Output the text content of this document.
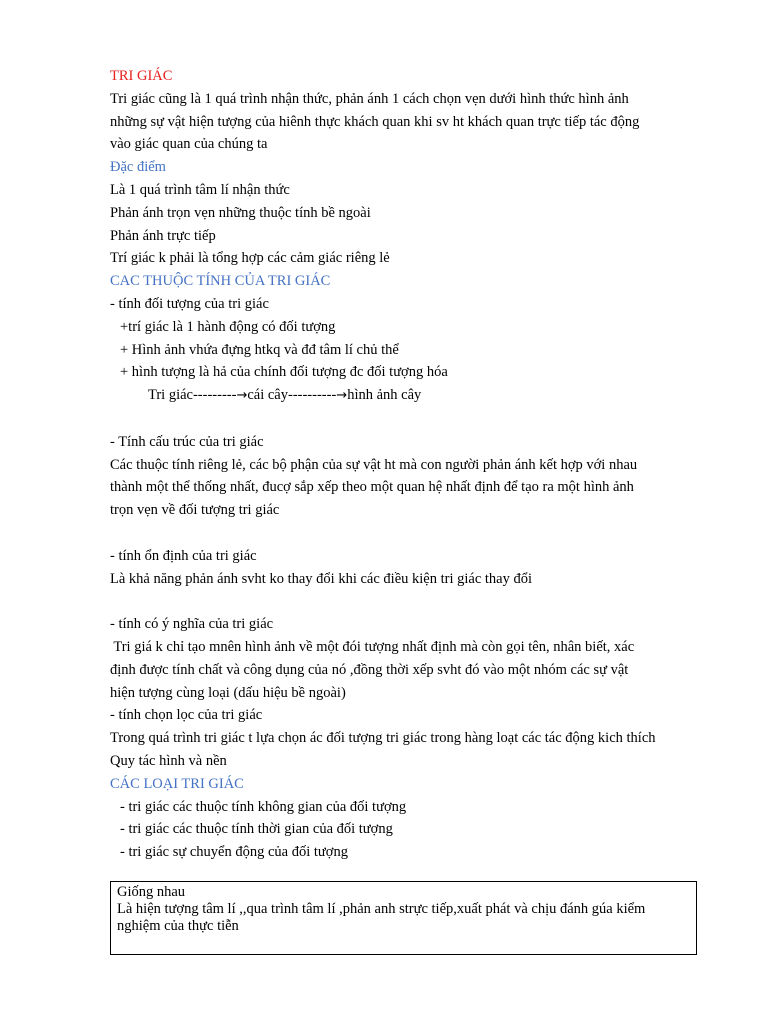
TRI GIÁC
Tri giác cũng là 1 quá trình nhận thức, phản ánh 1 cách chọn vẹn dưới hình thức hình ảnh
những sự vật hiện tượng của hiênh thực khách quan khi sv ht khách quan trực tiếp tác động
vào giác quan của chúng ta
Đặc điểm
Là 1 quá trình tâm lí nhận thức
Phản ánh trọn vẹn những thuộc tính bề ngoài
Phản ánh trực tiếp
Trí giác k phải là tổng hợp các cảm giác riêng lẻ
CAC THUỘC TÍNH CỦA TRI GIÁC
- tính đối tượng của tri giác
+trí giác là 1 hành động có đối tượng
+ Hình ảnh vhứa đựng htkq và đđ tâm lí chủ thể
+ hình tượng là hả của chính đối tượng đc đối tượng hóa
Tri giác---------→cái cây----------→hình ảnh cây
- Tính cấu trúc của tri giác
Các thuộc tính riêng lẻ, các bộ phận của sự vật ht mà con người phản ánh kết hợp với nhau
thành một thể thống nhất, đucợ sắp xếp theo một quan hệ nhất định để tạo ra một hình ảnh
trọn vẹn về đối tượng tri giác
- tính ổn định của tri giác
Là khả năng phản ánh svht ko thay đổi khi các điều kiện tri giác thay đổi
- tính có ý nghĩa của tri giác
Tri giá k chỉ tạo mnên hình ảnh về một đói tượng nhất định mà còn gọi tên, nhân biết, xác
định được tính chất và công dụng của nó ,đồng thời xếp svht đó vào một nhóm các sự vật
hiện tượng cùng loại (dấu hiệu bề ngoài)
- tính chọn lọc của tri giác
Trong quá trình tri giác t lựa chọn ác đối tượng tri giác trong hàng loạt các tác động kich thích
Quy tác hình và nền
CÁC LOẠI TRI GIÁC
- tri giác các thuộc tính không gian của đối tượng
- tri giác các thuộc tính thời gian của đối tượng
- tri giác sự chuyển động của đối tượng
Giống nhau
Là hiện tượng tâm lí ,,qua trình tâm lí ,phản anh strực tiếp,xuất phát và chịu đánh gúa kiểm
nghiệm của thực tiễn
